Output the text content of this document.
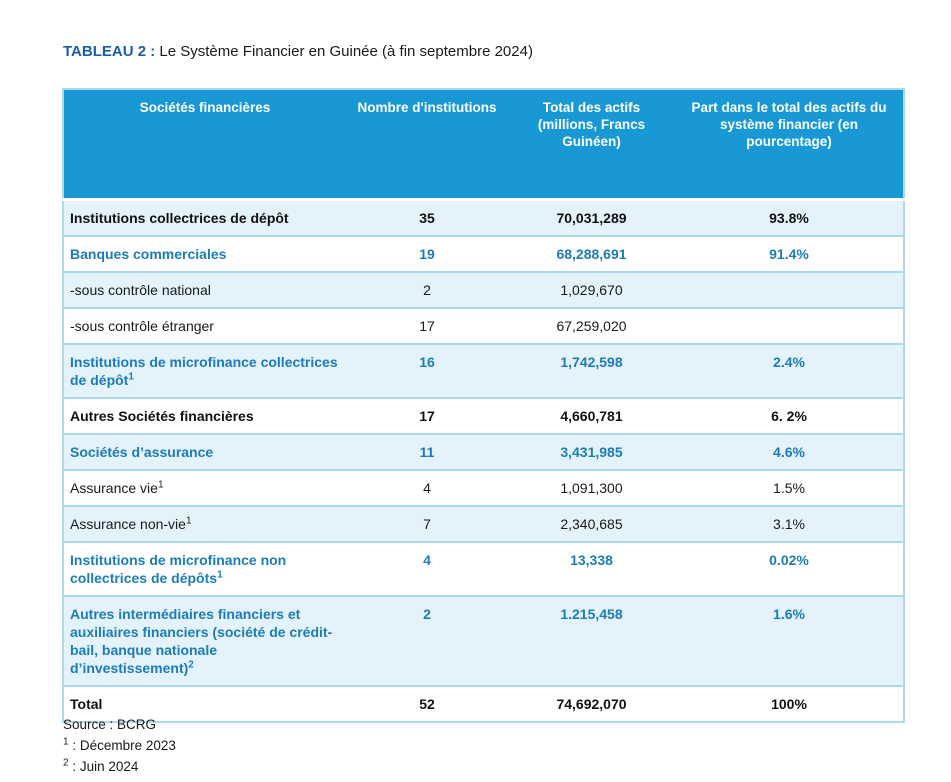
TABLEAU 2 : Le Système Financier en Guinée (à fin septembre 2024)
Sociétés financières	Nombre d'institutions	Total des actifs (millions, Francs Guinéen)	Part dans le total des actifs du système financier (en pourcentage)
Institutions collectrices de dépôt	35	70,031,289	93.8%
Banques commerciales	19	68,288,691	91.4%
-sous contrôle national	2	1,029,670	
-sous contrôle étranger	17	67,259,020	
Institutions de microfinance collectrices de dépôt$^1$	16	1,742,598	2.4%
Autres Sociétés financières	17	4,660,781	6. 2%
Sociétés d’assurance	11	3,431,985	4.6%
Assurance vie$^1$	4	1,091,300	1.5%
Assurance non-vie$^1$	7	2,340,685	3.1%
Institutions de microfinance non collectrices de dépôts$^1$	4	13,338	0.02%
Autres intermédiaires financiers et auxiliaires financiers (société de crédit-bail, banque nationale d’investissement)$^2$	2	1.215,458	1.6%
Total	52	74,692,070	100%
Source : BCRG
$^1$ : Décembre 2023
$^2$ : Juin 2024
